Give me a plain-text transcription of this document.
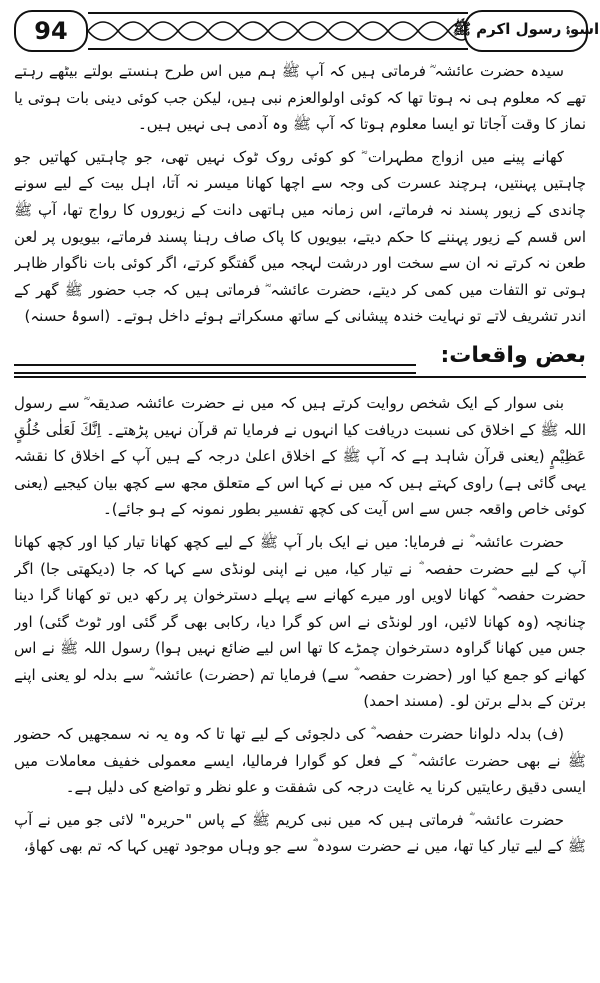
94	اسوۂ رسول اکرم ﷺ

سیدہ حضرت عائشہ ؓ فرماتی ہیں کہ آپ ﷺ ہم میں اس طرح ہنستے بولتے بیٹھے رہتے تھے کہ معلوم ہی نہ ہوتا تھا کہ کوئی اولوالعزم نبی ہیں، لیکن جب کوئی دینی بات ہوتی یا نماز کا وقت آجاتا تو ایسا معلوم ہوتا کہ آپ ﷺ وہ آدمی ہی نہیں ہیں۔

کھانے پینے میں ازواج مطہرات ؓ کو کوئی روک ٹوک نہیں تھی، جو چاہتیں کھاتیں جو چاہتیں پہنتیں، ہرچند عسرت کی وجہ سے اچھا کھانا میسر نہ آتا، اہل بیت کے لیے سونے چاندی کے زیور پسند نہ فرماتے، اس زمانہ میں ہاتھی دانت کے زیوروں کا رواج تھا، آپ ﷺ اس قسم کے زیور پہننے کا حکم دیتے، بیویوں کا پاک صاف رہنا پسند فرماتے، بیویوں پر لعن طعن نہ کرتے نہ ان سے سخت اور درشت لہجہ میں گفتگو کرتے، اگر کوئی بات ناگوار ظاہر ہوتی تو التفات میں کمی کر دیتے، حضرت عائشہ ؓ فرماتی ہیں کہ جب حضور ﷺ گھر کے اندر تشریف لاتے تو نہایت خندہ پیشانی کے ساتھ مسکراتے ہوئے داخل ہوتے۔ (اسوۂ حسنہ)

بعض واقعات:

بنی سوار کے ایک شخص روایت کرتے ہیں کہ میں نے حضرت عائشہ صدیقہ ؓ سے رسول اللہ ﷺ کے اخلاق کی نسبت دریافت کیا انہوں نے فرمایا تم قرآن نہیں پڑھتے۔ اِنَّكَ لَعَلٰى خُلُقٍ عَظِیْمٍ (یعنی قرآن شاہد ہے کہ آپ ﷺ کے اخلاق اعلیٰ درجہ کے ہیں آپ کے اخلاق کا نقشہ یہی گائی ہے) راوی کہتے ہیں کہ میں نے کہا اس کے متعلق مجھ سے کچھ بیان کیجیے (یعنی کوئی خاص واقعہ جس سے اس آیت کی کچھ تفسیر بطور نمونہ کے ہو جائے)۔

حضرت عائشہ ؓ نے فرمایا: میں نے ایک بار آپ ﷺ کے لیے کچھ کھانا تیار کیا اور کچھ کھانا آپ کے لیے حضرت حفصہ ؓ نے تیار کیا، میں نے اپنی لونڈی سے کہا کہ جا (دیکھتی جا) اگر حضرت حفصہ ؓ کھانا لاویں اور میرے کھانے سے پہلے دسترخوان پر رکھ دیں تو کھانا گرا دینا چنانچہ (وہ کھانا لائیں، اور لونڈی نے اس کو گرا دیا، رکابی بھی گر گئی اور ٹوٹ گئی) اور جس میں کھانا گراوہ دسترخوان چمڑے کا تھا اس لیے ضائع نہیں ہوا) رسول اللہ ﷺ نے اس کھانے کو جمع کیا اور (حضرت حفصہ ؓ سے) فرمایا تم (حضرت) عائشہ ؓ سے بدلہ لو یعنی اپنے برتن کے بدلے برتن لو۔ (مسند احمد)

(ف) بدلہ دلوانا حضرت حفصہ ؓ کی دلجوئی کے لیے تھا تا کہ وہ یہ نہ سمجھیں کہ حضور ﷺ نے بھی حضرت عائشہ ؓ کے فعل کو گوارا فرمالیا، ایسے معمولی خفیف معاملات میں ایسی دقیق رعایتیں کرنا یہ غایت درجہ کی شفقت و علو نظر و تواضع کی دلیل ہے۔

حضرت عائشہ ؓ فرماتی ہیں کہ میں نبی کریم ﷺ کے پاس "حریرہ" لائی جو میں نے آپ ﷺ کے لیے تیار کیا تھا، میں نے حضرت سودہ ؓ سے جو وہاں موجود تھیں کہا کہ تم بھی کھاؤ،
